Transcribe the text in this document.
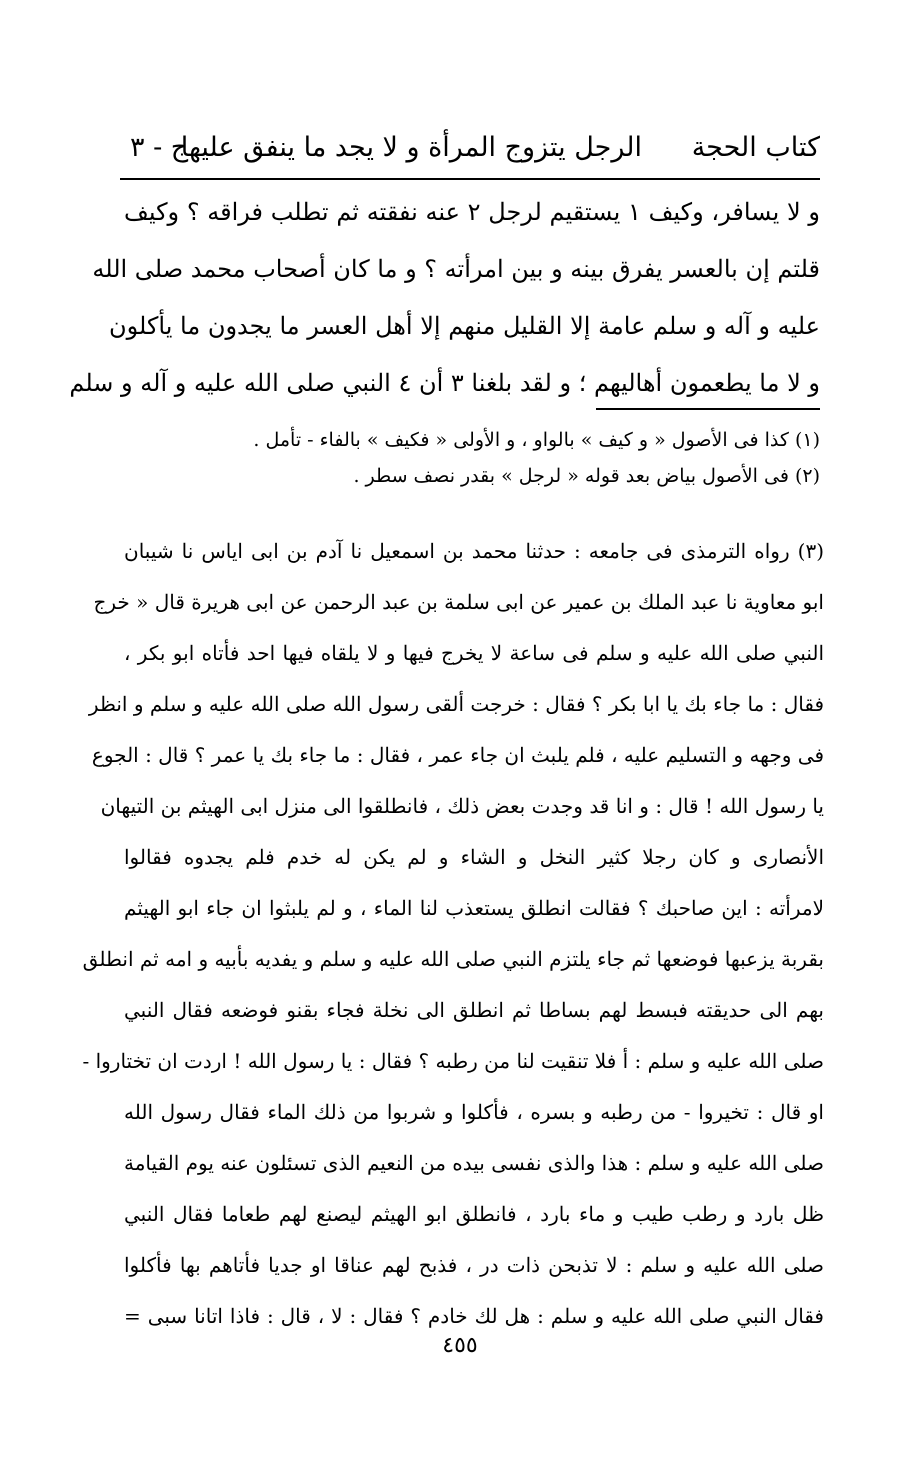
كتاب الحجة
الرجل يتزوج المرأة و لا يجد ما ينفق عليها
ج - ٣
و لا يسافر، وكيف ١ يستقيم لرجل ٢ عنه نفقته ثم تطلب فراقه ؟ وكيف
قلتم إن بالعسر يفرق بينه و بين امرأته ؟ و ما كان أصحاب محمد صلى الله
عليه و آله و سلم عامة إلا القليل منهم إلا أهل العسر ما يجدون ما يأكلون
و لا ما يطعمون أهاليهم ؛ و لقد بلغنا ٣ أن ٤ النبي صلى الله عليه و آله و سلم
(١) كذا فى الأصول « و كيف » بالواو ، و الأولى « فكيف » بالفاء - تأمل .
(٢) فى الأصول بياض بعد قوله « لرجل » بقدر نصف سطر .
(٣) رواه الترمذى فى جامعه : حدثنا محمد بن اسمعيل نا آدم بن ابى اياس نا شيبان
ابو معاوية نا عبد الملك بن عمير عن ابى سلمة بن عبد الرحمن عن ابى هريرة قال « خرج
النبي صلى الله عليه و سلم فى ساعة لا يخرج فيها و لا يلقاه فيها احد فأتاه ابو بكر ،
فقال : ما جاء بك يا ابا بكر ؟ فقال : خرجت ألقى رسول الله صلى الله عليه و سلم و انظر
فى وجهه و التسليم عليه ، فلم يلبث ان جاء عمر ، فقال : ما جاء بك يا عمر ؟ قال : الجوع
يا رسول الله ! قال : و انا قد وجدت بعض ذلك ، فانطلقوا الى منزل ابى الهيثم بن التيهان
الأنصارى و كان رجلا كثير النخل و الشاء و لم يكن له خدم فلم يجدوه فقالوا
لامرأته : اين صاحبك ؟ فقالت انطلق يستعذب لنا الماء ، و لم يلبثوا ان جاء ابو الهيثم
بقربة يزعبها فوضعها ثم جاء يلتزم النبي صلى الله عليه و سلم و يفديه بأبيه و امه ثم انطلق
بهم الى حديقته فبسط لهم بساطا ثم انطلق الى نخلة فجاء بقنو فوضعه فقال النبي
صلى الله عليه و سلم : أ فلا تنقيت لنا من رطبه ؟ فقال : يا رسول الله ! اردت ان تختاروا -
او قال : تخيروا - من رطبه و بسره ، فأكلوا و شربوا من ذلك الماء فقال رسول الله
صلى الله عليه و سلم : هذا والذى نفسى بيده من النعيم الذى تسئلون عنه يوم القيامة
ظل بارد و رطب طيب و ماء بارد ، فانطلق ابو الهيثم ليصنع لهم طعاما فقال النبي
صلى الله عليه و سلم : لا تذبحن ذات در ، فذبح لهم عناقا او جديا فأتاهم بها فأكلوا
فقال النبي صلى الله عليه و سلم : هل لك خادم ؟ فقال : لا ، قال : فاذا اتانا سبى =
٤٥٥
